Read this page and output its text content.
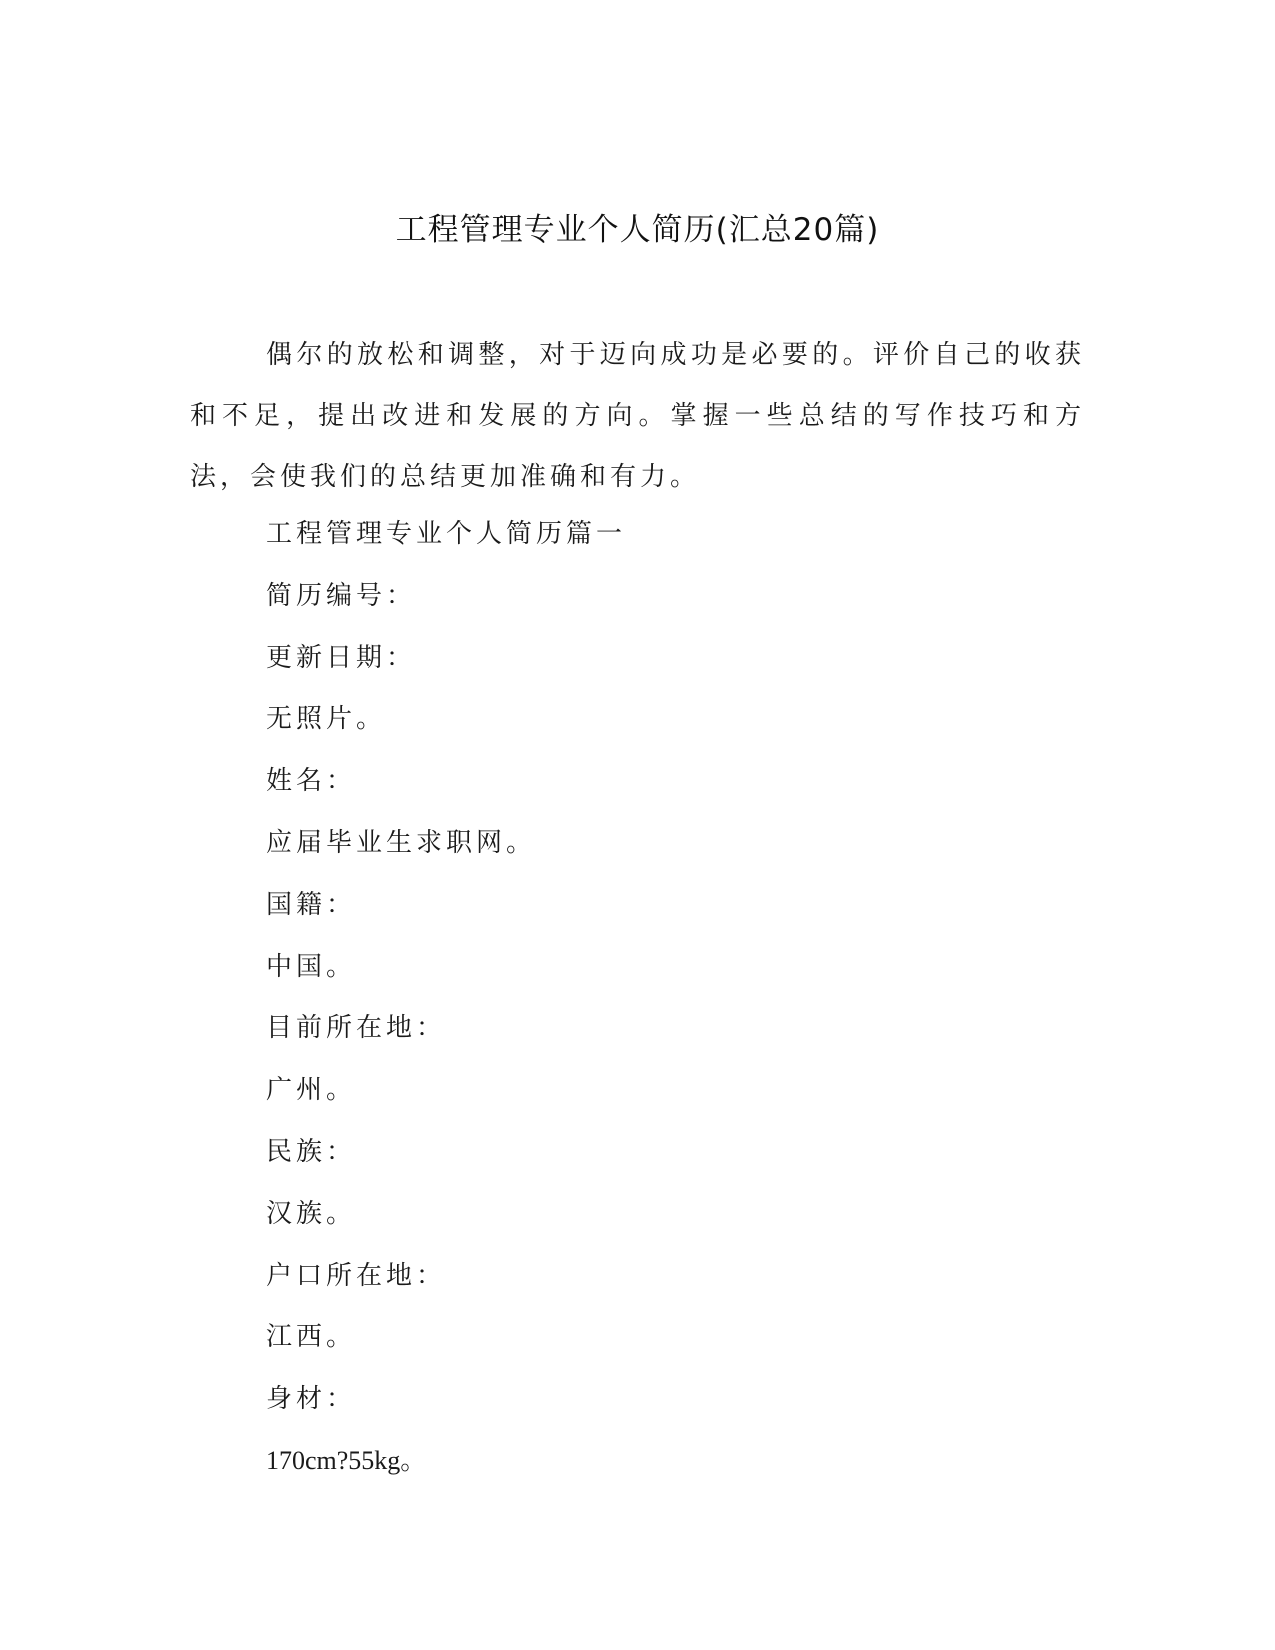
工程管理专业个人简历(汇总20篇)

偶尔的放松和调整，对于迈向成功是必要的。评价自己的收获和不足，提出改进和发展的方向。掌握一些总结的写作技巧和方法，会使我们的总结更加准确和有力。

工程管理专业个人简历篇一
简历编号：
更新日期：
无照片。
姓名：
应届毕业生求职网。
国籍：
中国。
目前所在地：
广州。
民族：
汉族。
户口所在地：
江西。
身材：
170cm?55kg。
